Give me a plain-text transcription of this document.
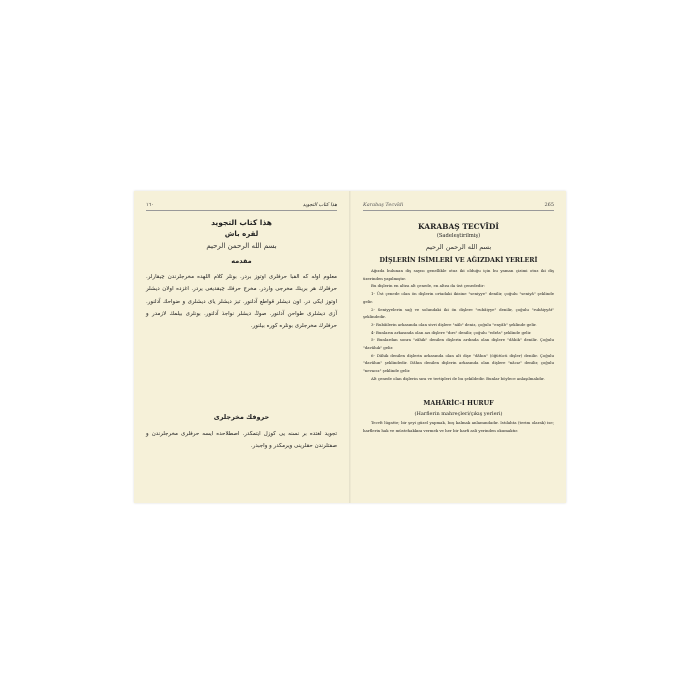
١٦٠	هذا كتاب التجويد
هذا كتاب التجويد
لقره باش
بسم الله الرحمن الرحيم
مقدمه
معلوم اوله كه الفبا حرفلرى اوتوز بردر. بونلر كلام اللهده مخرجلرندن چيقارلر. حرفلرك هر برينك مخرجى واردر. مخرج حرفك چيقديغى يردر. اغزده اولان ديشلر اوتوز ايكى در. اون ديشلر قواطع آدلنور. تيز ديشلر ياى ديشلرى و ضواحك آدلنور. آزى ديشلرى طواحن آدلنور. صوڭ ديشلر نواجذ آدلنور. بونلرى بيلمك لازمدر و حرفلرك مخرجلرى بونلره كوره بيلنور.
حروفك مخرجلرى
تجويد لغتده بر نسنه يى كوزل ايتمكدر. اصطلاحده ايسه حرفلرى مخرجلرندن و صفتلرندن حقلرينى ويرمكدر و واجبدر.
Karabaş Tecvîdi	265
KARABAŞ TECVÎDİ
(Sadeleştirilmiş)
بسم الله الرحمن الرحيم
DİŞLERİN İSİMLERİ VE AĞIZDAKİ YERLERİ

Ağızda bulunan diş sayısı genellikle otuz iki olduğu için bu yaman çizimi otuz iki diş üzerinden yapılmıştır.

Bu dişlerin en altısı alt çenede, en altısı da üst çenededir:

1- Üst çenede olan ön dişlerin ortadaki ikisine "seniyye" denilir, çoğulu "seniyâ" şeklinde gelir.

2- Seniyyelerin sağ ve solundaki iki ön dişlere "rubâiyye" denilir, çoğulu "rubâiyyât" şeklindedir.

3- Rubâilerin arkasında olan sivri dişlere "nâb" deniz, çoğulu "enyâb" şeklinde gelir.

4- Bunların arkasında olan azı dişlere "dırs" denilir, çoğulu "edrâs" şeklinde gelir.

5- Bunlardan sonra "zâhik" denilen dişlerin ardında olan dişlere "dâhik" denilir. Çoğulu "davâhık" gelir.

6- Dâhik denilen dişlerin arkasında olan alt dişe "dâhın" (öğütücü dişler) denilir. Çoğulu "davâhın" şeklindedir. Dâhın denilen dişlerin arkasında olan dişlere "nâcız" denilir, çoğulu "nevacız" şeklinde gelir.

Alt çenede olan dişlerin sıra ve tertipleri de bu şekildedir. Bunlar böylece anlaşılmalıdır.

MAHÂRİC-I HURUF
(Harflerin mahreçleri/çıkış yerleri)

Tecvît lügatte; bir şeyi güzel yapmak, boş kalmak anlamındadır. Istılahta (terim olarak) ise; harflerin hak ve müstehakkını vermek ve her bir harfi asli yerinden okumaktır.
